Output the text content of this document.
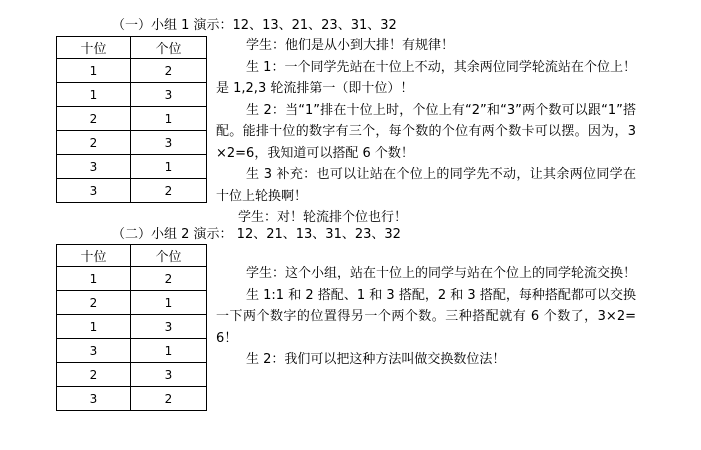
（一）小组 1 演示：12、13、21、23、31、32
十位	个位
1	2
1	3
2	1
2	3
3	1
3	2

学生：他们是从小到大排！有规律！

生 1：一个同学先站在十位上不动，其余两位同学轮流站在个位上！是 1,2,3 轮流排第一（即十位）！

生 2：当“1”排在十位上时，个位上有“2”和“3”两个数可以跟“1”搭配。能排十位的数字有三个，每个数的个位有两个数卡可以摆。因为，3×2=6，我知道可以搭配 6 个数！

生 3 补充：也可以让站在个位上的同学先不动，让其余两位同学在十位上轮换啊！

学生：对！轮流排个位也行！

（二）小组 2 演示： 12、21、13、31、23、32
十位	个位
1	2
2	1
1	3
3	1
2	3
3	2

学生：这个小组，站在十位上的同学与站在个位上的同学轮流交换！

生 1:1 和 2 搭配、1 和 3 搭配，2 和 3 搭配，每种搭配都可以交换一下两个数字的位置得另一个两个数。三种搭配就有 6 个数了，3×2=6！

生 2：我们可以把这种方法叫做交换数位法！
